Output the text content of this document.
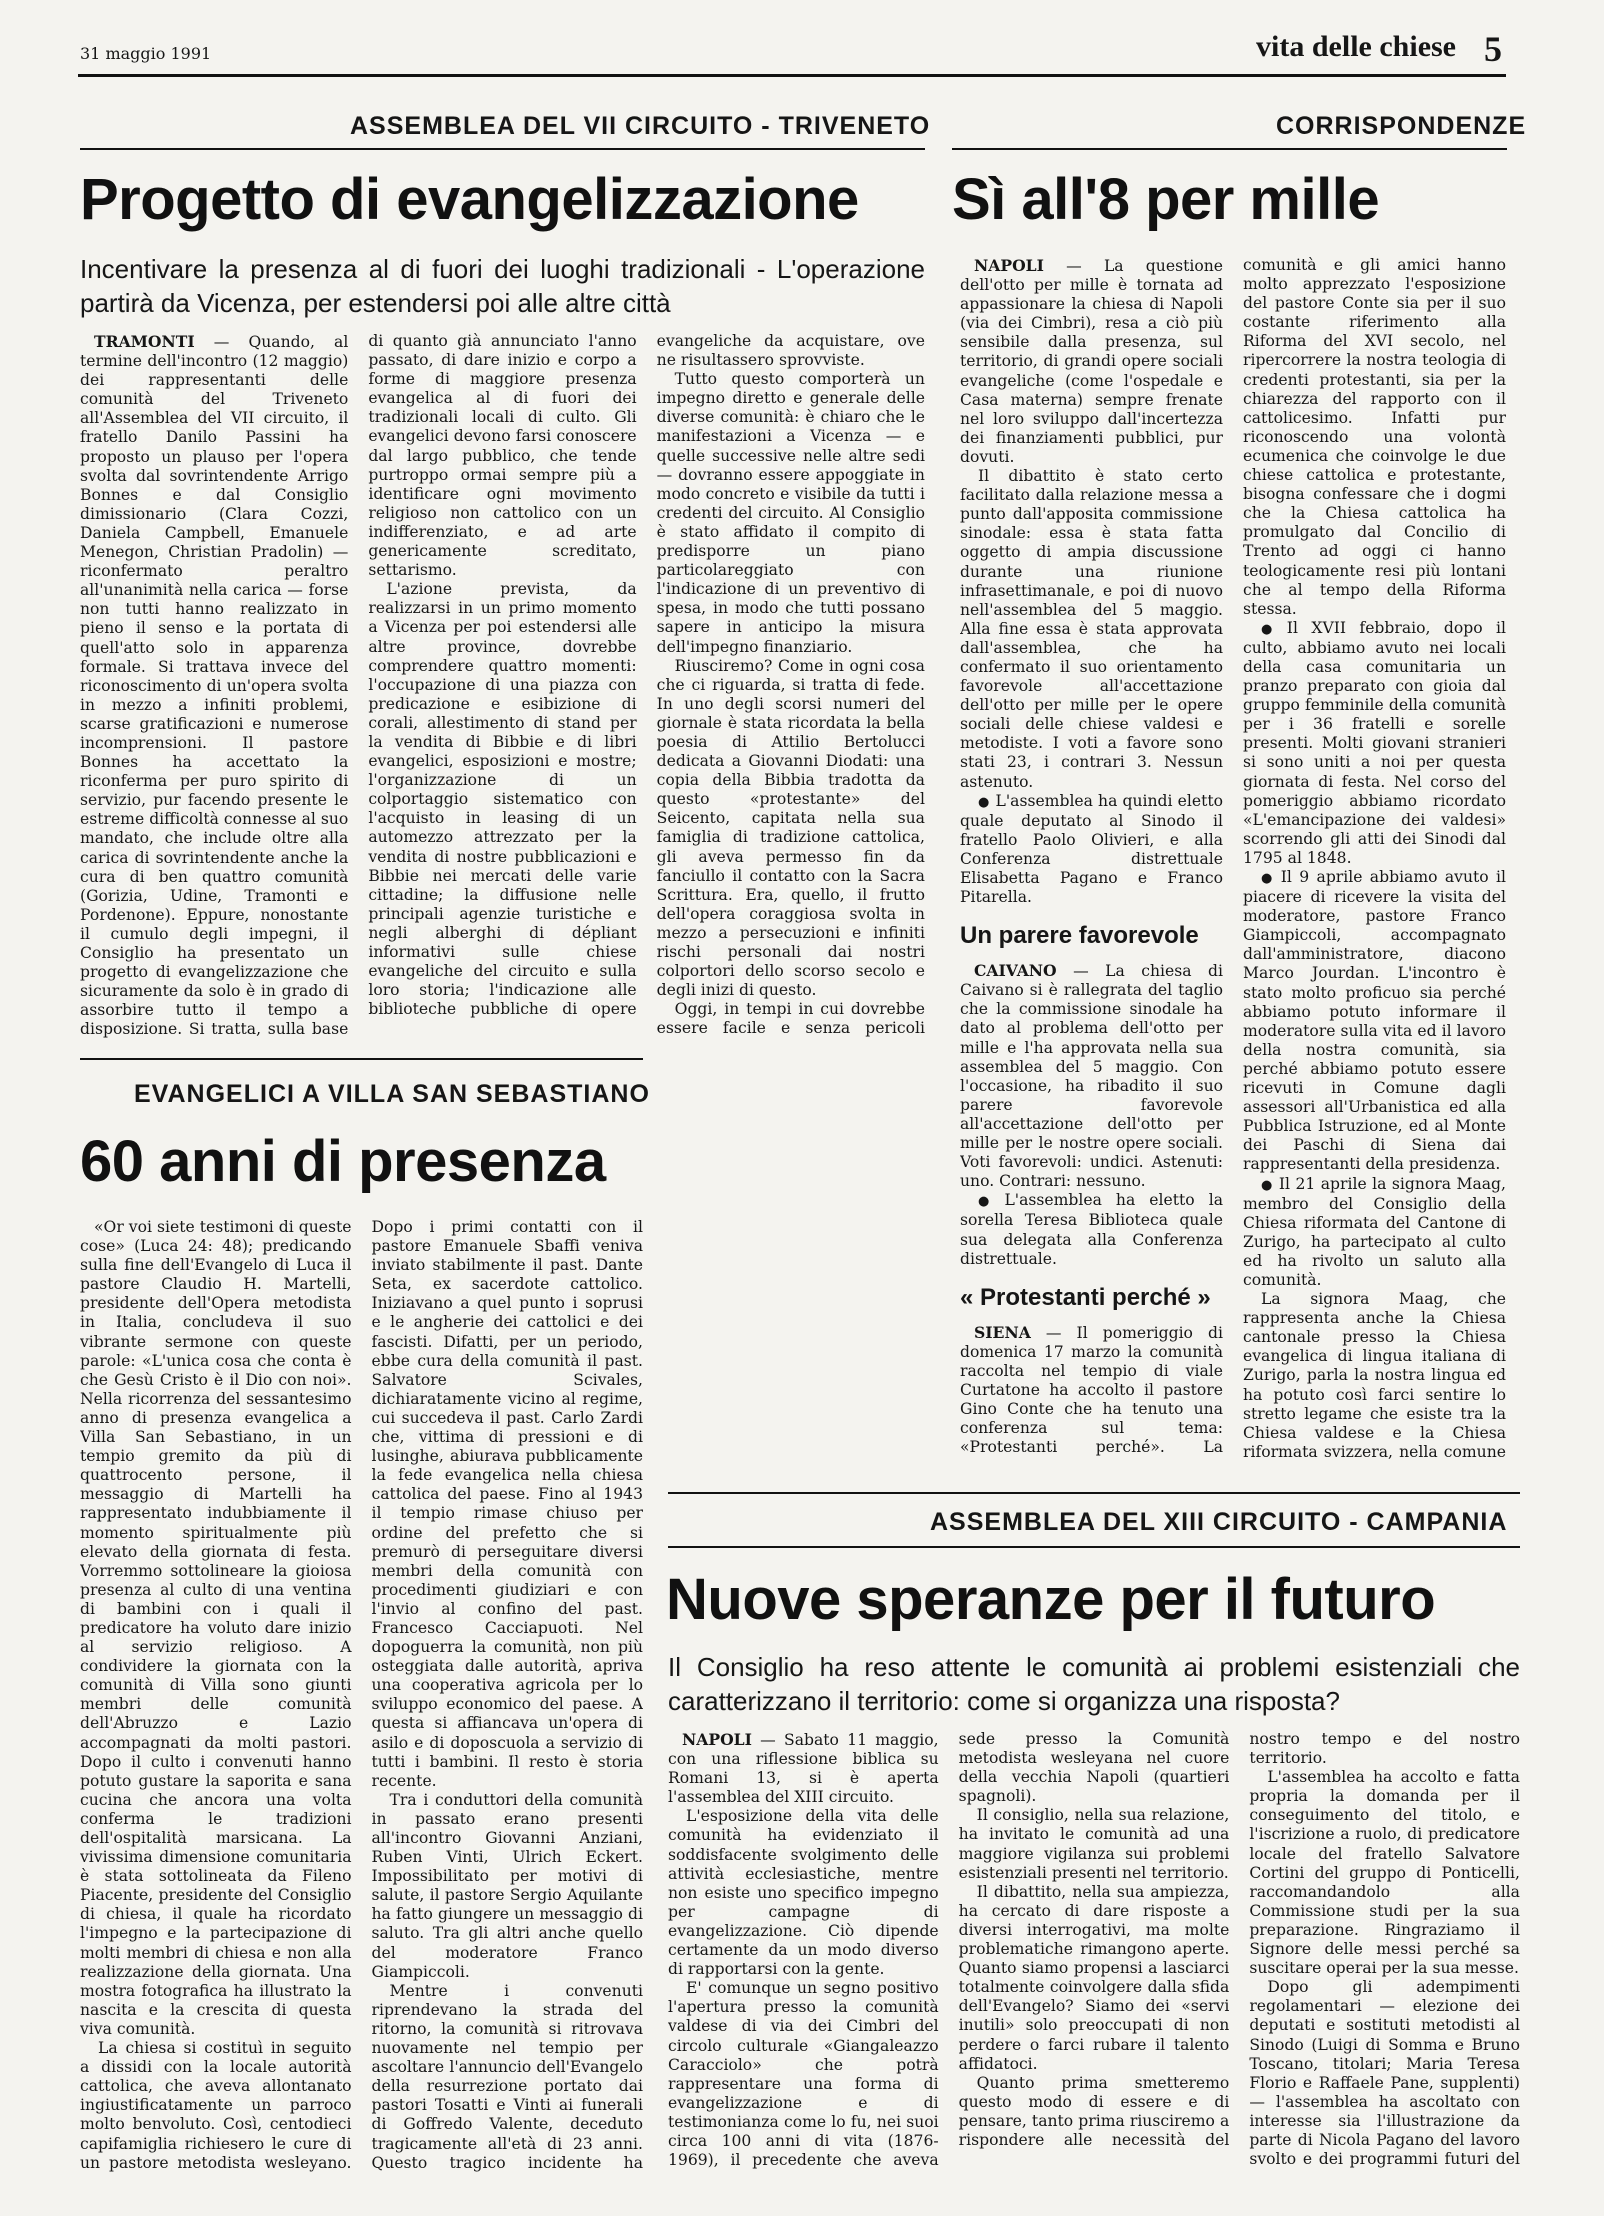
31 maggio 1991	vita delle chiese 5
ASSEMBLEA DEL VII CIRCUITO - TRIVENETO
Progetto di evangelizzazione
Incentivare la presenza al di fuori dei luoghi tradizionali - L'operazione partirà da Vicenza, per estendersi poi alle altre città

TRAMONTI — Quando, al termine dell'incontro (12 maggio) dei rappresentanti delle comunità del Triveneto all'Assemblea del VII circuito, il fratello Danilo Passini ha proposto un plauso per l'opera svolta dal sovrintendente Arrigo Bonnes e dal Consiglio dimissionario (Clara Cozzi, Daniela Campbell, Emanuele Menegon, Christian Pradolin) — riconfermato peraltro all'unanimità nella carica — forse non tutti hanno realizzato in pieno il senso e la portata di quell'atto solo in apparenza formale. Si trattava invece del riconoscimento di un'opera svolta in mezzo a infiniti problemi, scarse gratificazioni e numerose incomprensioni. Il pastore Bonnes ha accettato la riconferma per puro spirito di servizio, pur facendo presente le estreme difficoltà connesse al suo mandato, che include oltre alla carica di sovrintendente anche la cura di ben quattro comunità (Gorizia, Udine, Tramonti e Pordenone). Eppure, nonostante il cumulo degli impegni, il Consiglio ha presentato un progetto di evangelizzazione che sicuramente da solo è in grado di assorbire tutto il tempo a disposizione. Si tratta, sulla base di quanto già annunciato l'anno passato, di dare inizio e corpo a forme di maggiore presenza evangelica al di fuori dei tradizionali locali di culto. Gli evangelici devono farsi conoscere dal largo pubblico, che tende purtroppo ormai sempre più a identificare ogni movimento religioso non cattolico con un indifferenziato, e ad arte genericamente screditato, settarismo.

L'azione prevista, da realizzarsi in un primo momento a Vicenza per poi estendersi alle altre province, dovrebbe comprendere quattro momenti: l'occupazione di una piazza con predicazione e esibizione di corali, allestimento di stand per la vendita di Bibbie e di libri evangelici, esposizioni e mostre; l'organizzazione di un colportaggio sistematico con l'acquisto in leasing di un automezzo attrezzato per la vendita di nostre pubblicazioni e Bibbie nei mercati delle varie cittadine; la diffusione nelle principali agenzie turistiche e negli alberghi di dépliant informativi sulle chiese evangeliche del circuito e sulla loro storia; l'indicazione alle biblioteche pubbliche di opere evangeliche da acquistare, ove ne risultassero sprovviste.

Tutto questo comporterà un impegno diretto e generale delle diverse comunità: è chiaro che le manifestazioni a Vicenza — e quelle successive nelle altre sedi — dovranno essere appoggiate in modo concreto e visibile da tutti i credenti del circuito. Al Consiglio è stato affidato il compito di predisporre un piano particolareggiato con l'indicazione di un preventivo di spesa, in modo che tutti possano sapere in anticipo la misura dell'impegno finanziario.

Riusciremo? Come in ogni cosa che ci riguarda, si tratta di fede. In uno degli scorsi numeri del giornale è stata ricordata la bella poesia di Attilio Bertolucci dedicata a Giovanni Diodati: una copia della Bibbia tradotta da questo «protestante» del Seicento, capitata nella sua famiglia di tradizione cattolica, gli aveva permesso fin da fanciullo il contatto con la Sacra Scrittura. Era, quello, il frutto dell'opera coraggiosa svolta in mezzo a persecuzioni e infiniti rischi personali dai nostri colportori dello scorso secolo e degli inizi di questo.

Oggi, in tempi in cui dovrebbe essere facile e senza pericoli

CORRISPONDENZE
Sì all'8 per mille

NAPOLI — La questione dell'otto per mille è tornata ad appassionare la chiesa di Napoli (via dei Cimbri), resa a ciò più sensibile dalla presenza, sul territorio, di grandi opere sociali evangeliche (come l'ospedale e Casa materna) sempre frenate nel loro sviluppo dall'incertezza dei finanziamenti pubblici, pur dovuti.

Il dibattito è stato certo facilitato dalla relazione messa a punto dall'apposita commissione sinodale: essa è stata fatta oggetto di ampia discussione durante una riunione infrasettimanale, e poi di nuovo nell'assemblea del 5 maggio. Alla fine essa è stata approvata dall'assemblea, che ha confermato il suo orientamento favorevole all'accettazione dell'otto per mille per le opere sociali delle chiese valdesi e metodiste. I voti a favore sono stati 23, i contrari 3. Nessun astenuto.

● L'assemblea ha quindi eletto quale deputato al Sinodo il fratello Paolo Olivieri, e alla Conferenza distrettuale Elisabetta Pagano e Franco Pitarella.

Un parere favorevole

CAIVANO — La chiesa di Caivano si è rallegrata del taglio che la commissione sinodale ha dato al problema dell'otto per mille e l'ha approvata nella sua assemblea del 5 maggio. Con l'occasione, ha ribadito il suo parere favorevole all'accettazione dell'otto per mille per le nostre opere sociali. Voti favorevoli: undici. Astenuti: uno. Contrari: nessuno.

● L'assemblea ha eletto la sorella Teresa Biblioteca quale sua delegata alla Conferenza distrettuale.

« Protestanti perché »

SIENA — Il pomeriggio di domenica 17 marzo la comunità raccolta nel tempio di viale Curtatone ha accolto il pastore Gino Conte che ha tenuto una conferenza sul tema: «Protestanti perché». La comunità e gli amici hanno molto apprezzato l'esposizione del pastore Conte sia per il suo costante riferimento alla Riforma del XVI secolo, nel ripercorrere la nostra teologia di credenti protestanti, sia per la chiarezza del rapporto con il cattolicesimo. Infatti pur riconoscendo una volontà ecumenica che coinvolge le due chiese cattolica e protestante, bisogna confessare che i dogmi che la Chiesa cattolica ha promulgato dal Concilio di Trento ad oggi ci hanno teologicamente resi più lontani che al tempo della Riforma stessa.

● Il XVII febbraio, dopo il culto, abbiamo avuto nei locali della casa comunitaria un pranzo preparato con gioia dal gruppo femminile della comunità per i 36 fratelli e sorelle presenti. Molti giovani stranieri si sono uniti a noi per questa giornata di festa. Nel corso del pomeriggio abbiamo ricordato «L'emancipazione dei valdesi» scorrendo gli atti dei Sinodi dal 1795 al 1848.

● Il 9 aprile abbiamo avuto il piacere di ricevere la visita del moderatore, pastore Franco Giampiccoli, accompagnato dall'amministratore, diacono Marco Jourdan. L'incontro è stato molto proficuo sia perché abbiamo potuto informare il moderatore sulla vita ed il lavoro della nostra comunità, sia perché abbiamo potuto essere ricevuti in Comune dagli assessori all'Urbanistica ed alla Pubblica Istruzione, ed al Monte dei Paschi di Siena dai rappresentanti della presidenza.

● Il 21 aprile la signora Maag, membro del Consiglio della Chiesa riformata del Cantone di Zurigo, ha partecipato al culto ed ha rivolto un saluto alla comunità.

La signora Maag, che rappresenta anche la Chiesa cantonale presso la Chiesa evangelica di lingua italiana di Zurigo, parla la nostra lingua ed ha potuto così farci sentire lo stretto legame che esiste tra la Chiesa valdese e la Chiesa riformata svizzera, nella comune

EVANGELICI A VILLA SAN SEBASTIANO
60 anni di presenza

«Or voi siete testimoni di queste cose» (Luca 24: 48); predicando sulla fine dell'Evangelo di Luca il pastore Claudio H. Martelli, presidente dell'Opera metodista in Italia, concludeva il suo vibrante sermone con queste parole: «L'unica cosa che conta è che Gesù Cristo è il Dio con noi». Nella ricorrenza del sessantesimo anno di presenza evangelica a Villa San Sebastiano, in un tempio gremito da più di quattrocento persone, il messaggio di Martelli ha rappresentato indubbiamente il momento spiritualmente più elevato della giornata di festa. Vorremmo sottolineare la gioiosa presenza al culto di una ventina di bambini con i quali il predicatore ha voluto dare inizio al servizio religioso. A condividere la giornata con la comunità di Villa sono giunti membri delle comunità dell'Abruzzo e Lazio accompagnati da molti pastori. Dopo il culto i convenuti hanno potuto gustare la saporita e sana cucina che ancora una volta conferma le tradizioni dell'ospitalità marsicana. La vivissima dimensione comunitaria è stata sottolineata da Fileno Piacente, presidente del Consiglio di chiesa, il quale ha ricordato l'impegno e la partecipazione di molti membri di chiesa e non alla realizzazione della giornata. Una mostra fotografica ha illustrato la nascita e la crescita di questa viva comunità.

La chiesa si costituì in seguito a dissidi con la locale autorità cattolica, che aveva allontanato ingiustificatamente un parroco molto benvoluto. Così, centodieci capifamiglia richiesero le cure di un pastore metodista wesleyano. Dopo i primi contatti con il pastore Emanuele Sbaffi veniva inviato stabilmente il past. Dante Seta, ex sacerdote cattolico. Iniziavano a quel punto i soprusi e le angherie dei cattolici e dei fascisti. Difatti, per un periodo, ebbe cura della comunità il past. Salvatore Scivales, dichiaratamente vicino al regime, cui succedeva il past. Carlo Zardi che, vittima di pressioni e di lusinghe, abiurava pubblicamente la fede evangelica nella chiesa cattolica del paese. Fino al 1943 il tempio rimase chiuso per ordine del prefetto che si premurò di perseguitare diversi membri della comunità con procedimenti giudiziari e con l'invio al confino del past. Francesco Cacciapuoti. Nel dopoguerra la comunità, non più osteggiata dalle autorità, apriva una cooperativa agricola per lo sviluppo economico del paese. A questa si affiancava un'opera di asilo e di doposcuola a servizio di tutti i bambini. Il resto è storia recente.

Tra i conduttori della comunità in passato erano presenti all'incontro Giovanni Anziani, Ruben Vinti, Ulrich Eckert. Impossibilitato per motivi di salute, il pastore Sergio Aquilante ha fatto giungere un messaggio di saluto. Tra gli altri anche quello del moderatore Franco Giampiccoli.

Mentre i convenuti riprendevano la strada del ritorno, la comunità si ritrovava nuovamente nel tempio per ascoltare l'annuncio dell'Evangelo della resurrezione portato dai pastori Tosatti e Vinti ai funerali di Goffredo Valente, deceduto tragicamente all'età di 23 anni. Questo tragico incidente ha

ASSEMBLEA DEL XIII CIRCUITO - CAMPANIA
Nuove speranze per il futuro
Il Consiglio ha reso attente le comunità ai problemi esistenziali che caratterizzano il territorio: come si organizza una risposta?

NAPOLI — Sabato 11 maggio, con una riflessione biblica su Romani 13, si è aperta l'assemblea del XIII circuito.

L'esposizione della vita delle comunità ha evidenziato il soddisfacente svolgimento delle attività ecclesiastiche, mentre non esiste uno specifico impegno per campagne di evangelizzazione. Ciò dipende certamente da un modo diverso di rapportarsi con la gente.

E' comunque un segno positivo l'apertura presso la comunità valdese di via dei Cimbri del circolo culturale «Giangaleazzo Caracciolo» che potrà rappresentare una forma di evangelizzazione e di testimonianza come lo fu, nei suoi circa 100 anni di vita (1876-1969), il precedente che aveva sede presso la Comunità metodista wesleyana nel cuore della vecchia Napoli (quartieri spagnoli).

Il consiglio, nella sua relazione, ha invitato le comunità ad una maggiore vigilanza sui problemi esistenziali presenti nel territorio.

Il dibattito, nella sua ampiezza, ha cercato di dare risposte a diversi interrogativi, ma molte problematiche rimangono aperte. Quanto siamo propensi a lasciarci totalmente coinvolgere dalla sfida dell'Evangelo? Siamo dei «servi inutili» solo preoccupati di non perdere o farci rubare il talento affidatoci.

Quanto prima smetteremo questo modo di essere e di pensare, tanto prima riusciremo a rispondere alle necessità del nostro tempo e del nostro territorio.

L'assemblea ha accolto e fatta propria la domanda per il conseguimento del titolo, e l'iscrizione a ruolo, di predicatore locale del fratello Salvatore Cortini del gruppo di Ponticelli, raccomandandolo alla Commissione studi per la sua preparazione. Ringraziamo il Signore delle messi perché sa suscitare operai per la sua messe.

Dopo gli adempimenti regolamentari — elezione dei deputati e sostituti metodisti al Sinodo (Luigi di Somma e Bruno Toscano, titolari; Maria Teresa Florio e Raffaele Pane, supplenti) — l'assemblea ha ascoltato con interesse sia l'illustrazione da parte di Nicola Pagano del lavoro svolto e dei programmi futuri del
